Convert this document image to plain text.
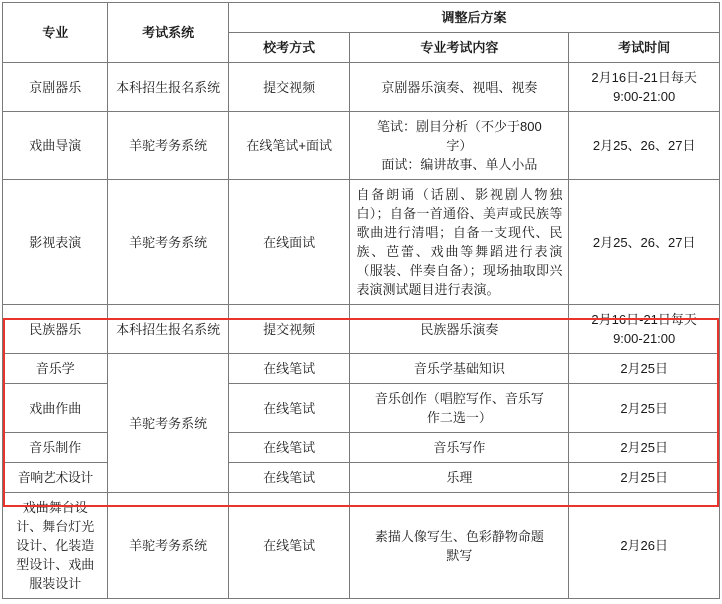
专业	考试系统	调整后方案		
		校考方式	专业考试内容	考试时间
京剧器乐	本科招生报名系统	提交视频	京剧器乐演奏、视唱、视奏	2月16日-21日每天
9:00-21:00
戏曲导演	羊驼考务系统	在线笔试+面试	笔试：剧目分析（不少于800
字）
面试：编讲故事、单人小品	2月25、26、27日
影视表演	羊驼考务系统	在线面试	自备朗诵（话剧、影视剧人物独白）；自备一首通俗、美声或民族等歌曲进行清唱；自备一支现代、民族、芭蕾、戏曲等舞蹈进行表演（服装、伴奏自备）；现场抽取即兴表演测试题目进行表演。	2月25、26、27日
民族器乐	本科招生报名系统	提交视频	民族器乐演奏	2月16日-21日每天
9:00-21:00
音乐学	羊驼考务系统	在线笔试	音乐学基础知识	2月25日
戏曲作曲		在线笔试	音乐创作（唱腔写作、音乐写
作二选一）	2月25日
音乐制作		在线笔试	音乐写作	2月25日
音响艺术设计		在线笔试	乐理	2月25日
戏曲舞台设计、舞台灯光设计、化装造型设计、戏曲服装设计	羊驼考务系统	在线笔试	素描人像写生、色彩静物命题
默写	2月26日
